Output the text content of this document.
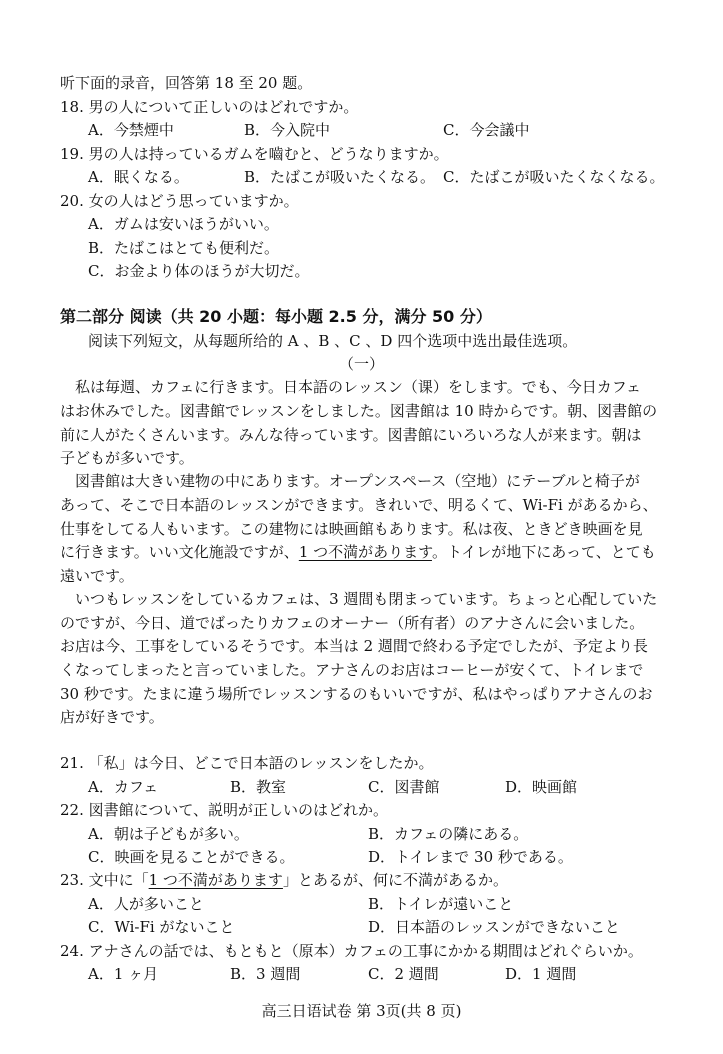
听下面的录音，回答第 18 至 20 题。
18. 男の人について正しいのはどれですか。
A．今禁煙中	B．今入院中	C．今会議中
19. 男の人は持っているガムを嚙むと、どうなりますか。
A．眠くなる。	B．たばこが吸いたくなる。 C．たばこが吸いたくなくなる。
20. 女の人はどう思っていますか。
A．ガムは安いほうがいい。
B．たばこはとても便利だ。
C．お金より体のほうが大切だ。
第二部分 阅读（共 20 小题：每小题 2.5 分，满分 50 分）
阅读下列短文，从每题所给的 A 、B 、C 、D 四个选项中选出最佳选项。
（一）
私は毎週、カフェに行きます。日本語のレッスン（课）をします。でも、今日カフェ
はお休みでした。図書館でレッスンをしました。図書館は 10 時からです。朝、図書館の
前に人がたくさんいます。みんな待っています。図書館にいろいろな人が来ます。朝は
子どもが多いです。
図書館は大きい建物の中にあります。オープンスペース（空地）にテーブルと椅子が
あって、そこで日本語のレッスンができます。きれいで、明るくて、Wi-Fi があるから、
仕事をしてる人もいます。この建物には映画館もあります。私は夜、ときどき映画を見
に行きます。いい文化施設ですが、1 つ不満があります。トイレが地下にあって、とても
遠いです。
いつもレッスンをしているカフェは、3 週間も閉まっています。ちょっと心配していた
のですが、今日、道でばったりカフェのオーナー（所有者）のアナさんに会いました。
お店は今、工事をしているそうです。本当は 2 週間で終わる予定でしたが、予定より長
くなってしまったと言っていました。アナさんのお店はコーヒーが安くて、トイレまで
30 秒です。たまに違う場所でレッスンするのもいいですが、私はやっぱりアナさんのお
店が好きです。
21. 「私」は今日、どこで日本語のレッスンをしたか。
A．カフェ	B．教室	C．図書館	D．映画館
22. 図書館について、説明が正しいのはどれか。
A．朝は子どもが多い。	B．カフェの隣にある。
C．映画を見ることができる。	D．トイレまで 30 秒である。
23. 文中に「1 つ不満があります」とあるが、何に不満があるか。
A．人が多いこと	B．トイレが遠いこと
C．Wi-Fi がないこと	D．日本語のレッスンができないこと
24. アナさんの話では、もともと（原本）カフェの工事にかかる期間はどれぐらいか。
A．1 ヶ月	B．3 週間	C．2 週間	D．1 週間
高三日语试卷 第 3页(共 8 页)
